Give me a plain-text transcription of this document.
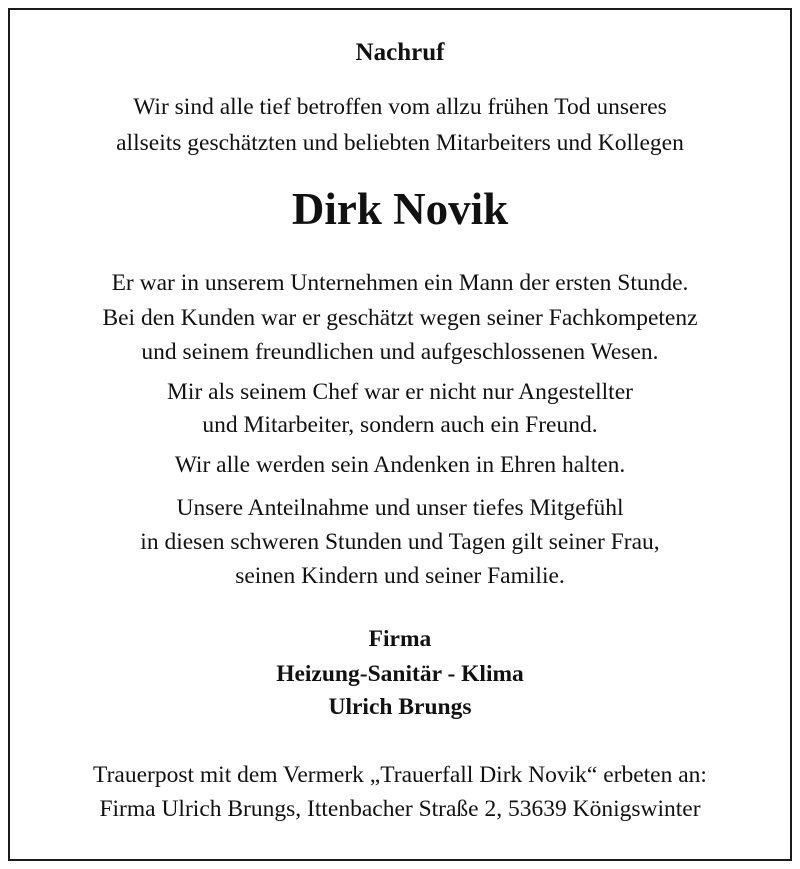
Nachruf
Wir sind alle tief betroffen vom allzu frühen Tod unseres
allseits geschätzten und beliebten Mitarbeiters und Kollegen
Dirk Novik
Er war in unserem Unternehmen ein Mann der ersten Stunde.
Bei den Kunden war er geschätzt wegen seiner Fachkompetenz
und seinem freundlichen und aufgeschlossenen Wesen.
Mir als seinem Chef war er nicht nur Angestellter
und Mitarbeiter, sondern auch ein Freund.
Wir alle werden sein Andenken in Ehren halten.
Unsere Anteilnahme und unser tiefes Mitgefühl
in diesen schweren Stunden und Tagen gilt seiner Frau,
seinen Kindern und seiner Familie.
Firma
Heizung-Sanitär - Klima
Ulrich Brungs
Trauerpost mit dem Vermerk „Trauerfall Dirk Novik“ erbeten an:
Firma Ulrich Brungs, Ittenbacher Straße 2, 53639 Königswinter
